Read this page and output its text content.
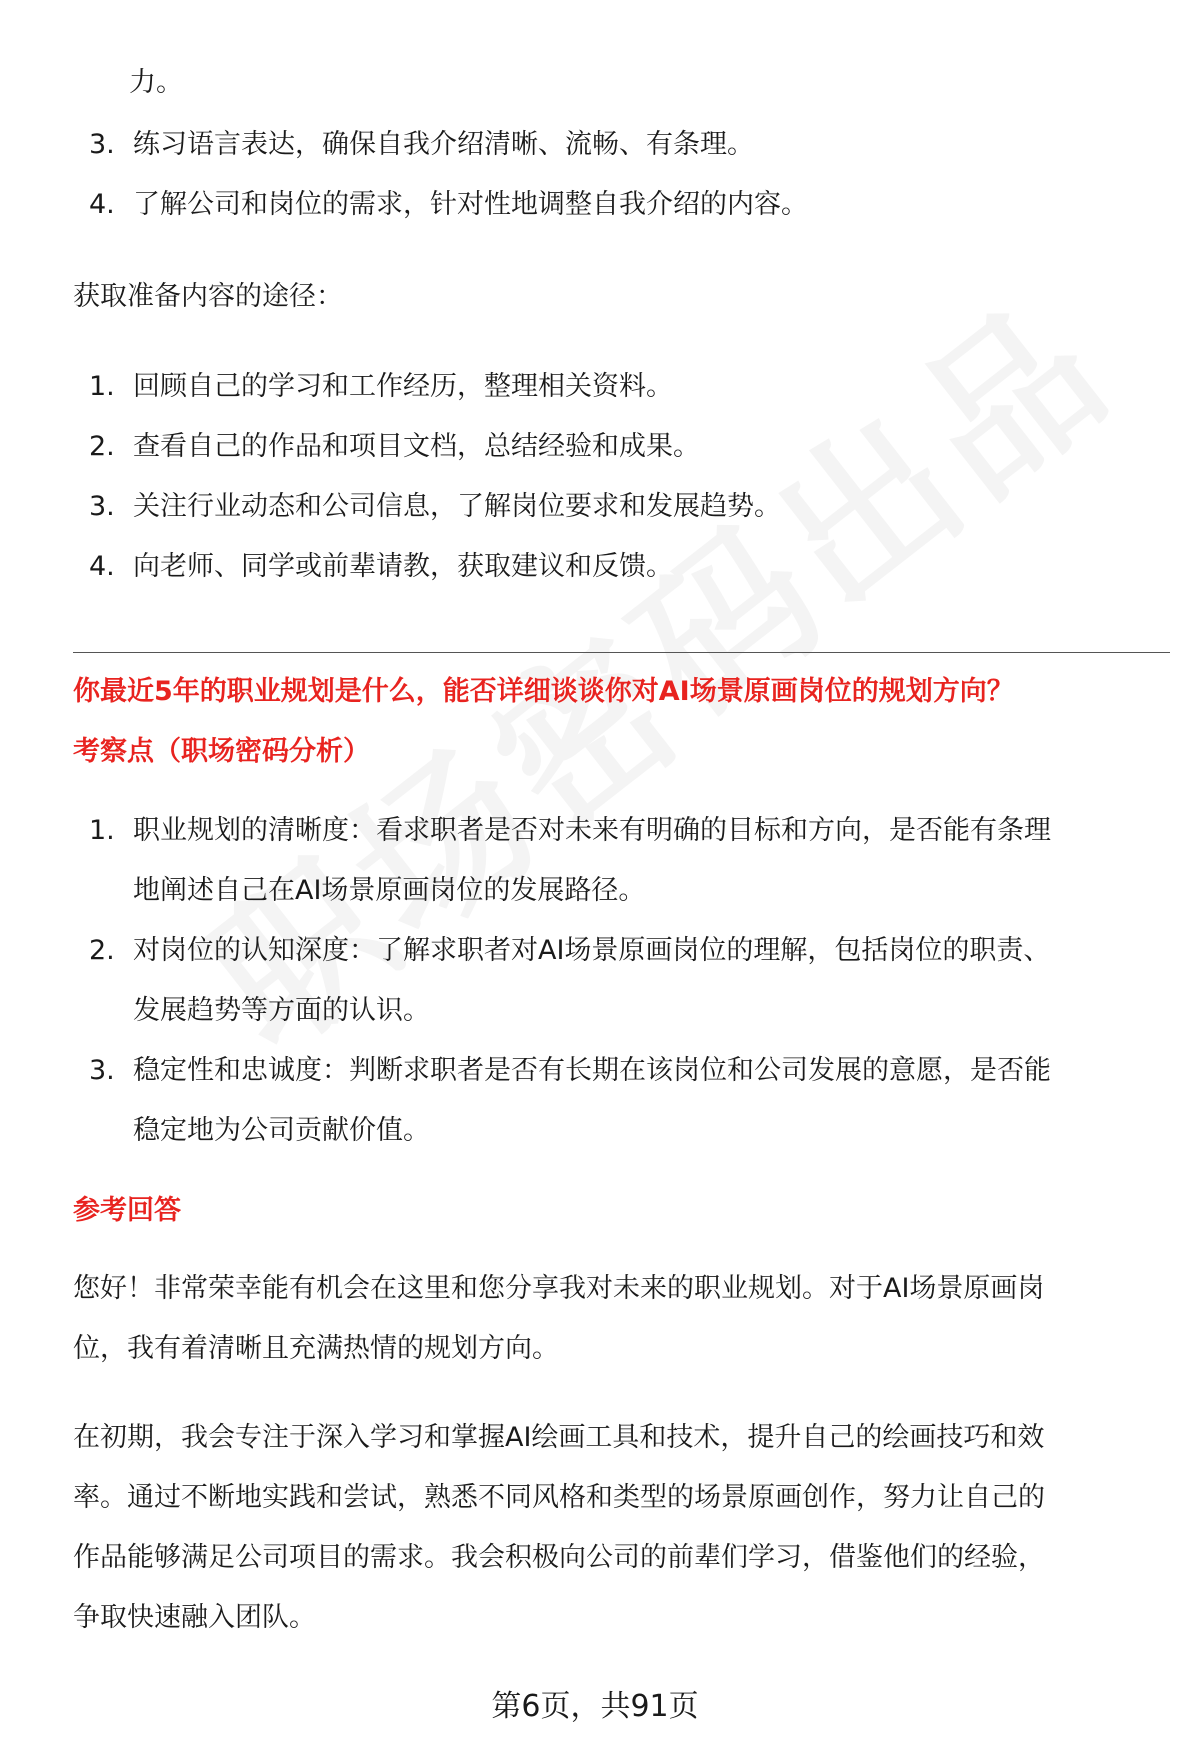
力。
3. 练习语言表达，确保自我介绍清晰、流畅、有条理。
4. 了解公司和岗位的需求，针对性地调整自我介绍的内容。
获取准备内容的途径：
1. 回顾自己的学习和工作经历，整理相关资料。
2. 查看自己的作品和项目文档，总结经验和成果。
3. 关注行业动态和公司信息，了解岗位要求和发展趋势。
4. 向老师、同学或前辈请教，获取建议和反馈。
你最近5年的职业规划是什么，能否详细谈谈你对AI场景原画岗位的规划方向？
考察点（职场密码分析）
1. 职业规划的清晰度：看求职者是否对未来有明确的目标和方向，是否能有条理
地阐述自己在AI场景原画岗位的发展路径。
2. 对岗位的认知深度：了解求职者对AI场景原画岗位的理解，包括岗位的职责、
发展趋势等方面的认识。
3. 稳定性和忠诚度：判断求职者是否有长期在该岗位和公司发展的意愿，是否能
稳定地为公司贡献价值。
参考回答
您好！非常荣幸能有机会在这里和您分享我对未来的职业规划。对于AI场景原画岗
位，我有着清晰且充满热情的规划方向。
在初期，我会专注于深入学习和掌握AI绘画工具和技术，提升自己的绘画技巧和效
率。通过不断地实践和尝试，熟悉不同风格和类型的场景原画创作，努力让自己的
作品能够满足公司项目的需求。我会积极向公司的前辈们学习，借鉴他们的经验，
争取快速融入团队。
第6页，共91页
